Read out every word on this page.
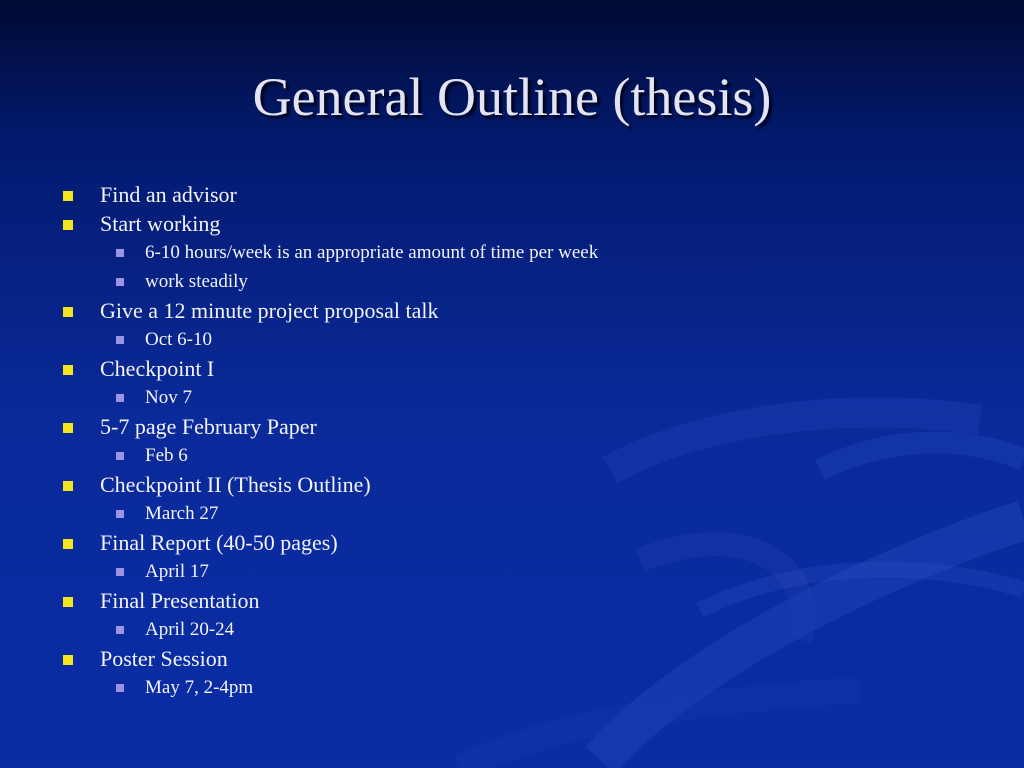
General Outline (thesis)
Find an advisor
Start working
6-10 hours/week is an appropriate amount of time per week
work steadily
Give a 12 minute project proposal talk
Oct 6-10
Checkpoint I
Nov 7
5-7 page February Paper
Feb 6
Checkpoint II (Thesis Outline)
March 27
Final Report (40-50 pages)
April 17
Final Presentation
April 20-24
Poster Session
May 7, 2-4pm
